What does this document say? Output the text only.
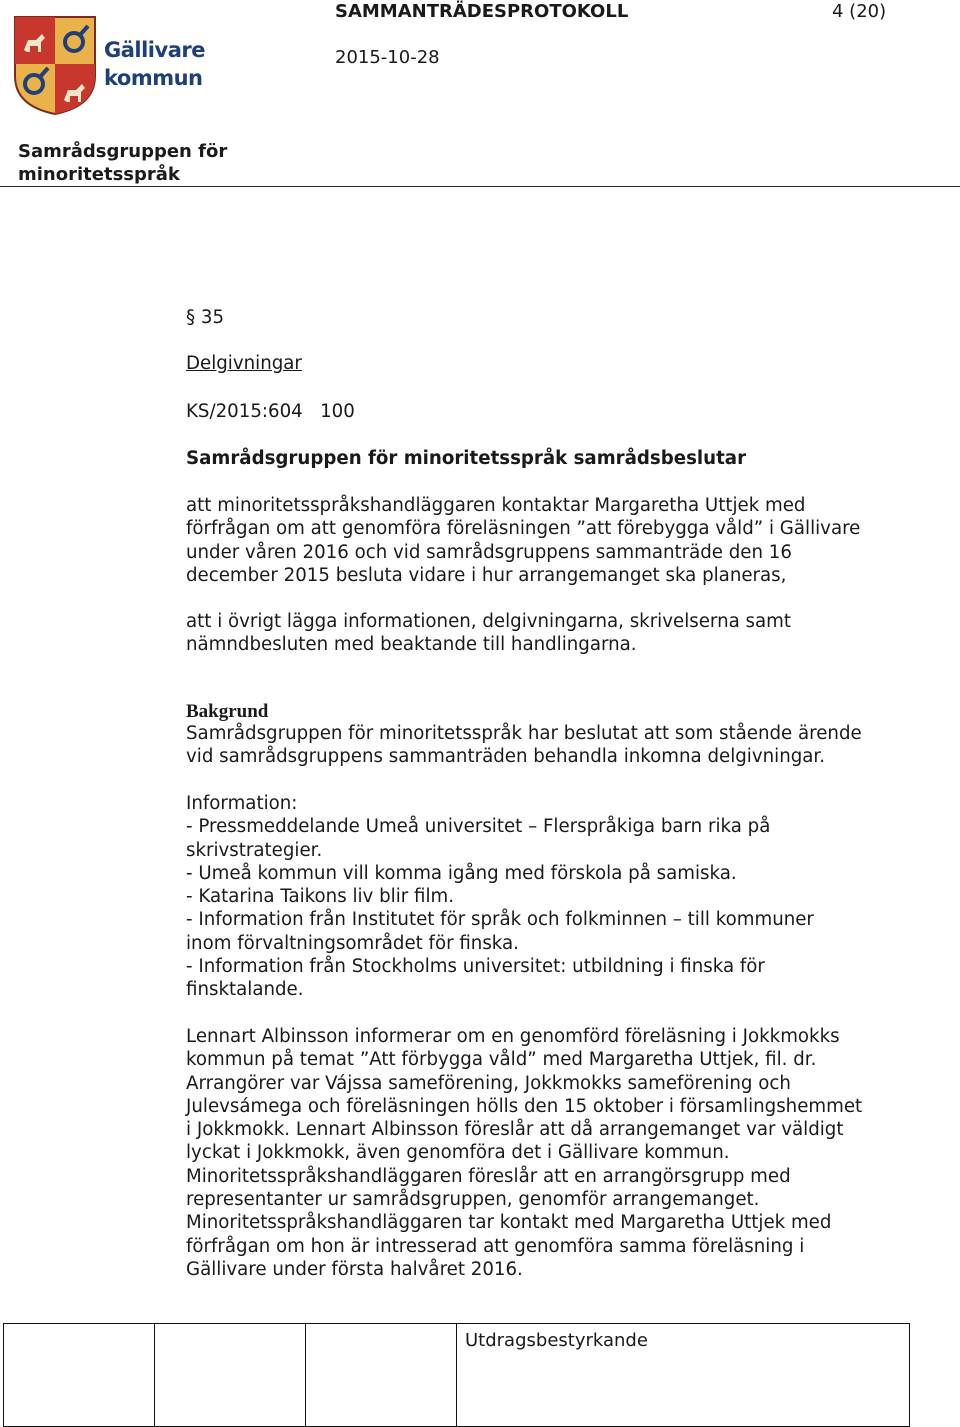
Gällivare
kommun
SAMMANTRÄDESPROTOKOLL	4 (20)
2015-10-28
Samrådsgruppen för
minoritetsspråk
§ 35
Delgivningar
KS/2015:604   100
Samrådsgruppen för minoritetsspråk samrådsbeslutar

att minoritetsspråkshandläggaren kontaktar Margaretha Uttjek med

förfrågan om att genomföra föreläsningen ”att förebygga våld” i Gällivare

under våren 2016 och vid samrådsgruppens sammanträde den 16

december 2015 besluta vidare i hur arrangemanget ska planeras,

att i övrigt lägga informationen, delgivningarna, skrivelserna samt

nämndbesluten med beaktande till handlingarna.

Bakgrund

Samrådsgruppen för minoritetsspråk har beslutat att som stående ärende

vid samrådsgruppens sammanträden behandla inkomna delgivningar.

Information:

- Pressmeddelande Umeå universitet – Flerspråkiga barn rika på

skrivstrategier.

- Umeå kommun vill komma igång med förskola på samiska.

- Katarina Taikons liv blir film.

- Information från Institutet för språk och folkminnen – till kommuner

inom förvaltningsområdet för finska.

- Information från Stockholms universitet: utbildning i finska för

finsktalande.

Lennart Albinsson informerar om en genomförd föreläsning i Jokkmokks

kommun på temat ”Att förbygga våld” med Margaretha Uttjek, fil. dr.

Arrangörer var Vájssa sameförening, Jokkmokks sameförening och

Julevsámega och föreläsningen hölls den 15 oktober i församlingshemmet

i Jokkmokk. Lennart Albinsson föreslår att då arrangemanget var väldigt

lyckat i Jokkmokk, även genomföra det i Gällivare kommun.

Minoritetsspråkshandläggaren föreslår att en arrangörsgrupp med

representanter ur samrådsgruppen, genomför arrangemanget.

Minoritetsspråkshandläggaren tar kontakt med Margaretha Uttjek med

förfrågan om hon är intresserad att genomföra samma föreläsning i

Gällivare under första halvåret 2016.

			Utdragsbestyrkande
